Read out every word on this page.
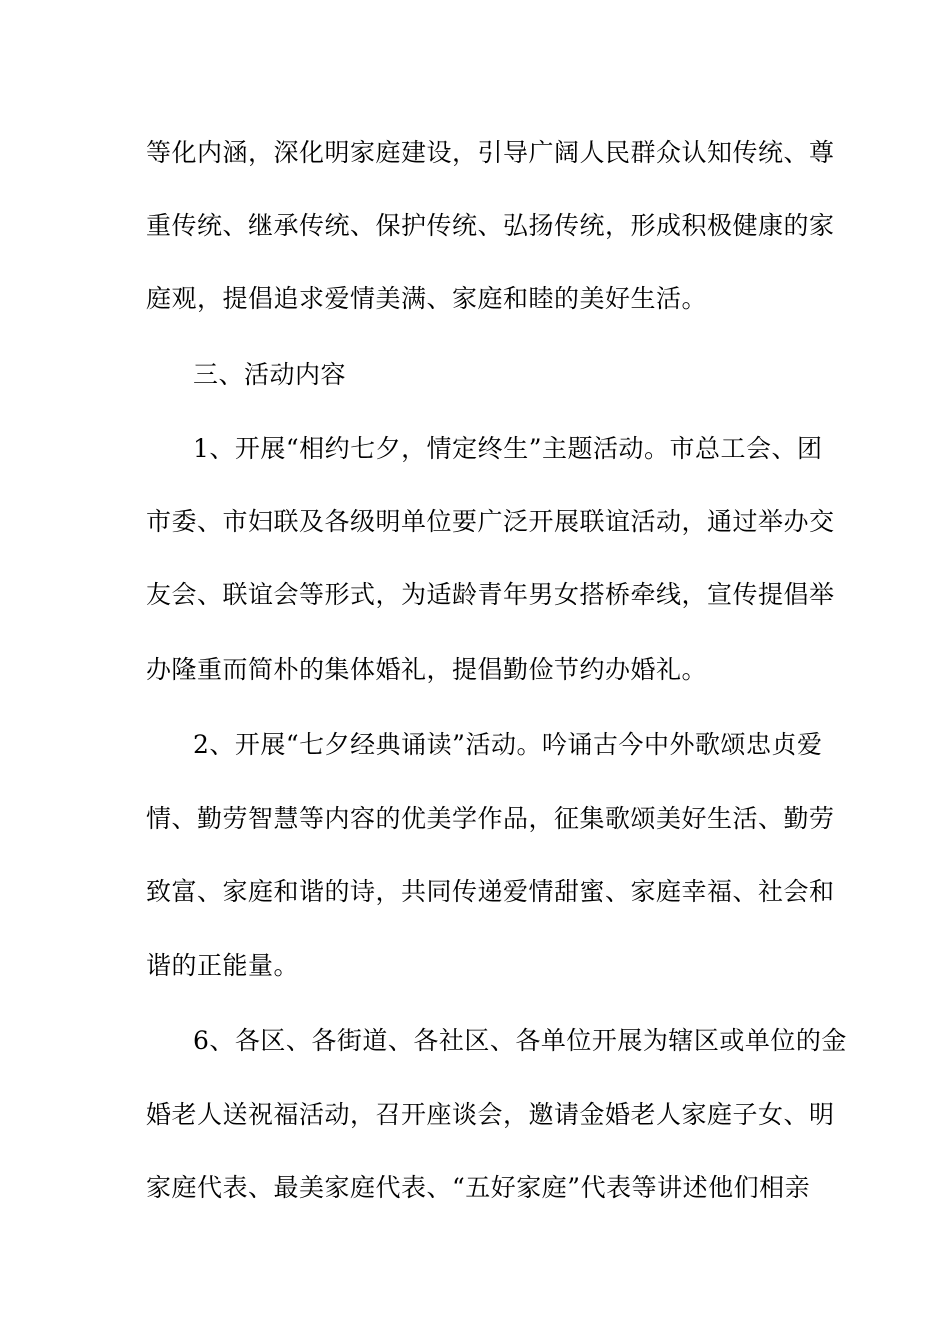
等化内涵，深化明家庭建设，引导广阔人民群众认知传统、尊
重传统、继承传统、保护传统、弘扬传统，形成积极健康的家
庭观，提倡追求爱情美满、家庭和睦的美好生活。
三、活动内容
1、开展“相约七夕，情定终生”主题活动。市总工会、团
市委、市妇联及各级明单位要广泛开展联谊活动，通过举办交
友会、联谊会等形式，为适龄青年男女搭桥牵线，宣传提倡举
办隆重而简朴的集体婚礼，提倡勤俭节约办婚礼。
2、开展“七夕经典诵读”活动。吟诵古今中外歌颂忠贞爱
情、勤劳智慧等内容的优美学作品，征集歌颂美好生活、勤劳
致富、家庭和谐的诗，共同传递爱情甜蜜、家庭幸福、社会和
谐的正能量。
6、各区、各街道、各社区、各单位开展为辖区或单位的金
婚老人送祝福活动，召开座谈会，邀请金婚老人家庭子女、明
家庭代表、最美家庭代表、“五好家庭”代表等讲述他们相亲
